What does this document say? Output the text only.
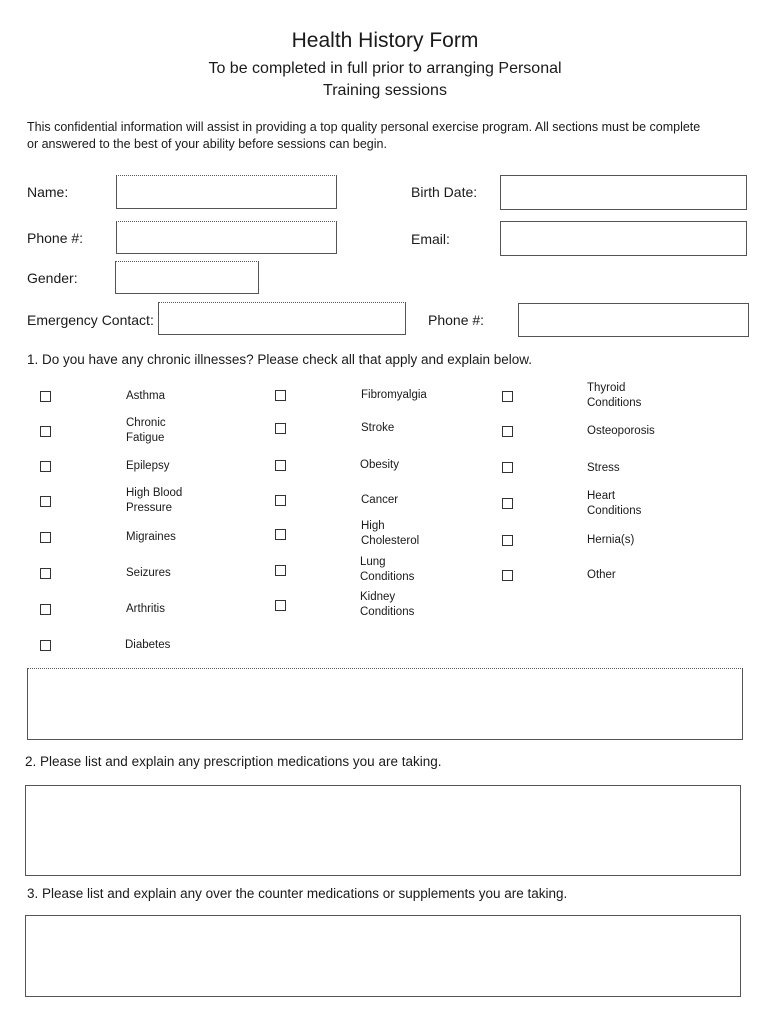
Health History Form
To be completed in full prior to arranging Personal
Training sessions
This confidential information will assist in providing a top quality personal exercise program. All sections must be complete
or answered to the best of your ability before sessions can begin.
Name:	Birth Date:
Phone #:	Email:
Gender:
Emergency Contact:	Phone #:
1. Do you have any chronic illnesses? Please check all that apply and explain below.
Asthma
Chronic
Fatigue
Epilepsy
High Blood
Pressure
Migraines
Seizures
Arthritis
Diabetes
Fibromyalgia
Stroke
Obesity
Cancer
High
Cholesterol
Lung
Conditions
Kidney
Conditions
Thyroid
Conditions
Osteoporosis
Stress
Heart
Conditions
Hernia(s)
Other
2. Please list and explain any prescription medications you are taking.
3. Please list and explain any over the counter medications or supplements you are taking.
